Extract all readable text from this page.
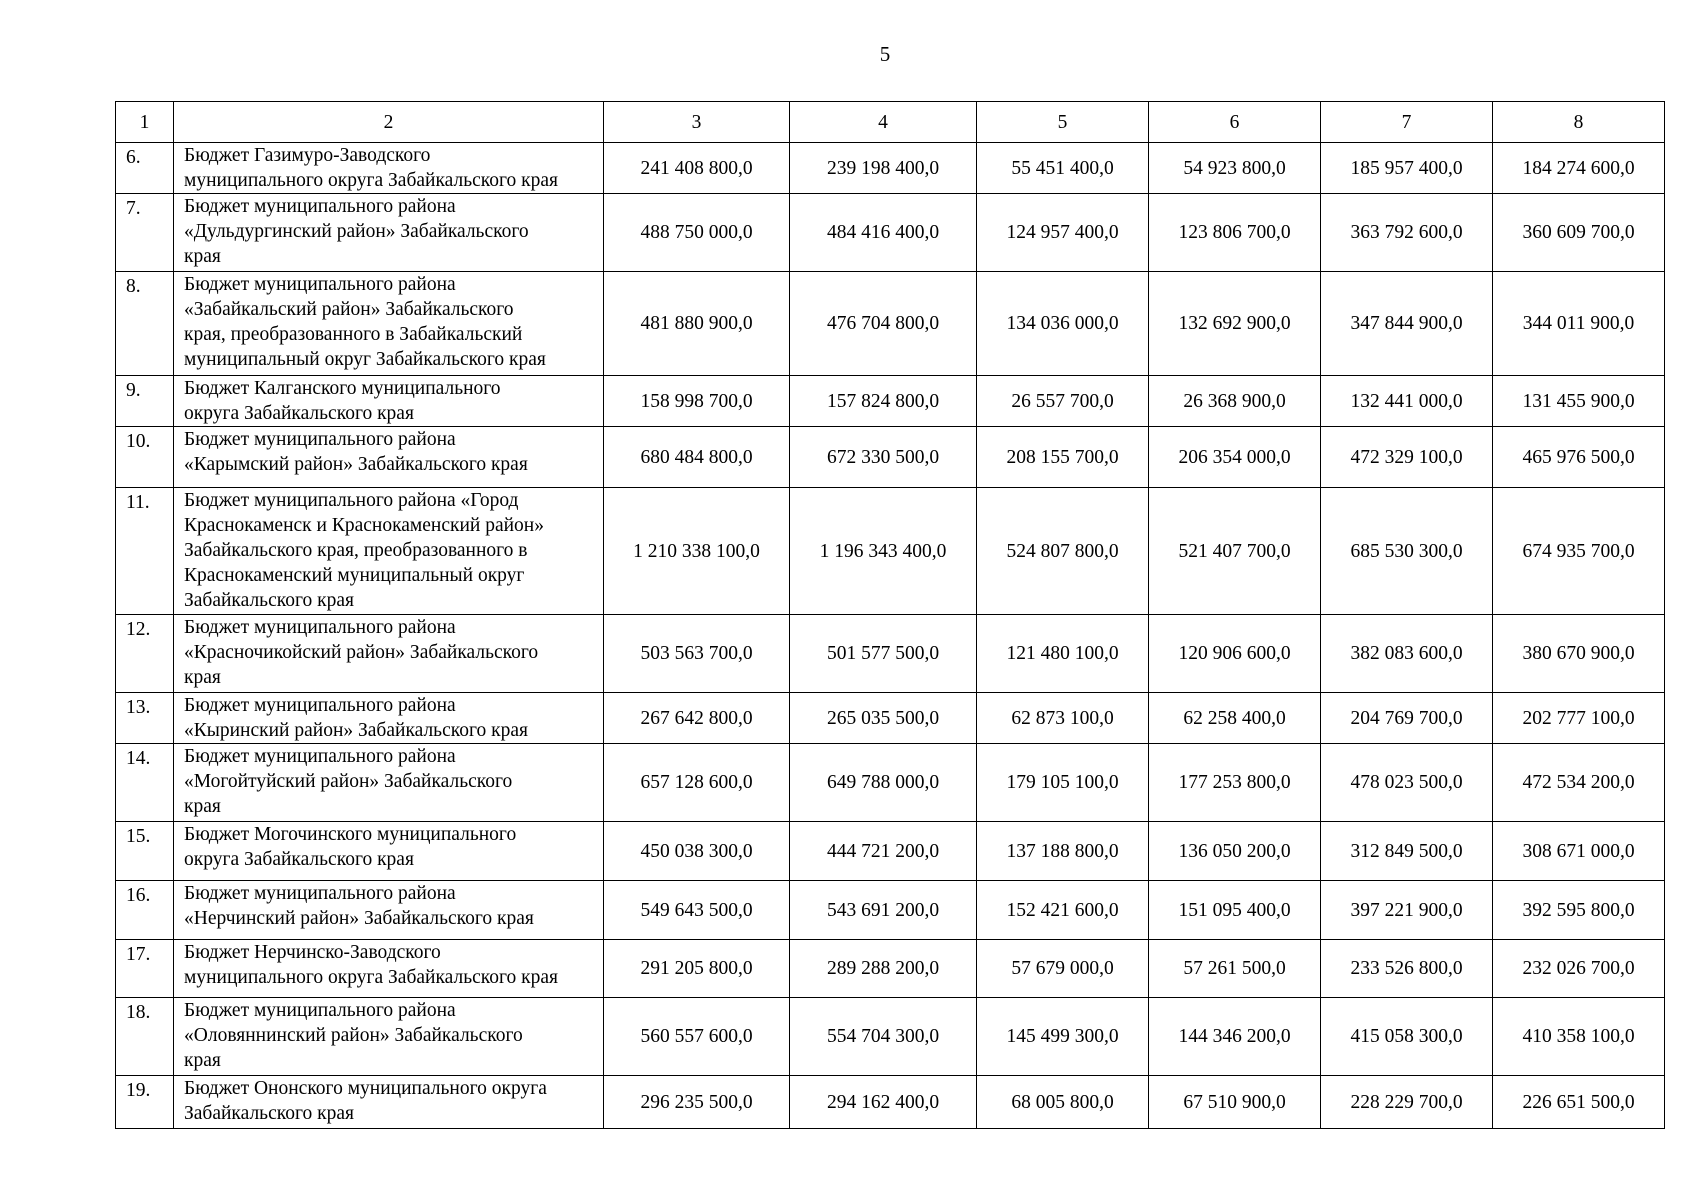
5
1	2	3	4	5	6	7	8
6.	Бюджет Газимуро-Заводского
муниципального округа Забайкальского края	241 408 800,0	239 198 400,0	55 451 400,0	54 923 800,0	185 957 400,0	184 274 600,0
7.	Бюджет муниципального района
«Дульдургинский район» Забайкальского
края	488 750 000,0	484 416 400,0	124 957 400,0	123 806 700,0	363 792 600,0	360 609 700,0
8.	Бюджет муниципального района
«Забайкальский район» Забайкальского
края, преобразованного в Забайкальский
муниципальный округ Забайкальского края	481 880 900,0	476 704 800,0	134 036 000,0	132 692 900,0	347 844 900,0	344 011 900,0
9.	Бюджет Калганского муниципального
округа Забайкальского края	158 998 700,0	157 824 800,0	26 557 700,0	26 368 900,0	132 441 000,0	131 455 900,0
10.	Бюджет муниципального района
«Карымский район» Забайкальского края	680 484 800,0	672 330 500,0	208 155 700,0	206 354 000,0	472 329 100,0	465 976 500,0
11.	Бюджет муниципального района «Город
Краснокаменск и Краснокаменский район»
Забайкальского края, преобразованного в
Краснокаменский муниципальный округ
Забайкальского края	1 210 338 100,0	1 196 343 400,0	524 807 800,0	521 407 700,0	685 530 300,0	674 935 700,0
12.	Бюджет муниципального района
«Красночикойский район» Забайкальского
края	503 563 700,0	501 577 500,0	121 480 100,0	120 906 600,0	382 083 600,0	380 670 900,0
13.	Бюджет муниципального района
«Кыринский район» Забайкальского края	267 642 800,0	265 035 500,0	62 873 100,0	62 258 400,0	204 769 700,0	202 777 100,0
14.	Бюджет муниципального района
«Могойтуйский район» Забайкальского
края	657 128 600,0	649 788 000,0	179 105 100,0	177 253 800,0	478 023 500,0	472 534 200,0
15.	Бюджет Могочинского муниципального
округа Забайкальского края	450 038 300,0	444 721 200,0	137 188 800,0	136 050 200,0	312 849 500,0	308 671 000,0
16.	Бюджет муниципального района
«Нерчинский район» Забайкальского края	549 643 500,0	543 691 200,0	152 421 600,0	151 095 400,0	397 221 900,0	392 595 800,0
17.	Бюджет Нерчинско-Заводского
муниципального округа Забайкальского края	291 205 800,0	289 288 200,0	57 679 000,0	57 261 500,0	233 526 800,0	232 026 700,0
18.	Бюджет муниципального района
«Оловяннинский район» Забайкальского
края	560 557 600,0	554 704 300,0	145 499 300,0	144 346 200,0	415 058 300,0	410 358 100,0
19.	Бюджет Ононского муниципального округа
Забайкальского края	296 235 500,0	294 162 400,0	68 005 800,0	67 510 900,0	228 229 700,0	226 651 500,0
